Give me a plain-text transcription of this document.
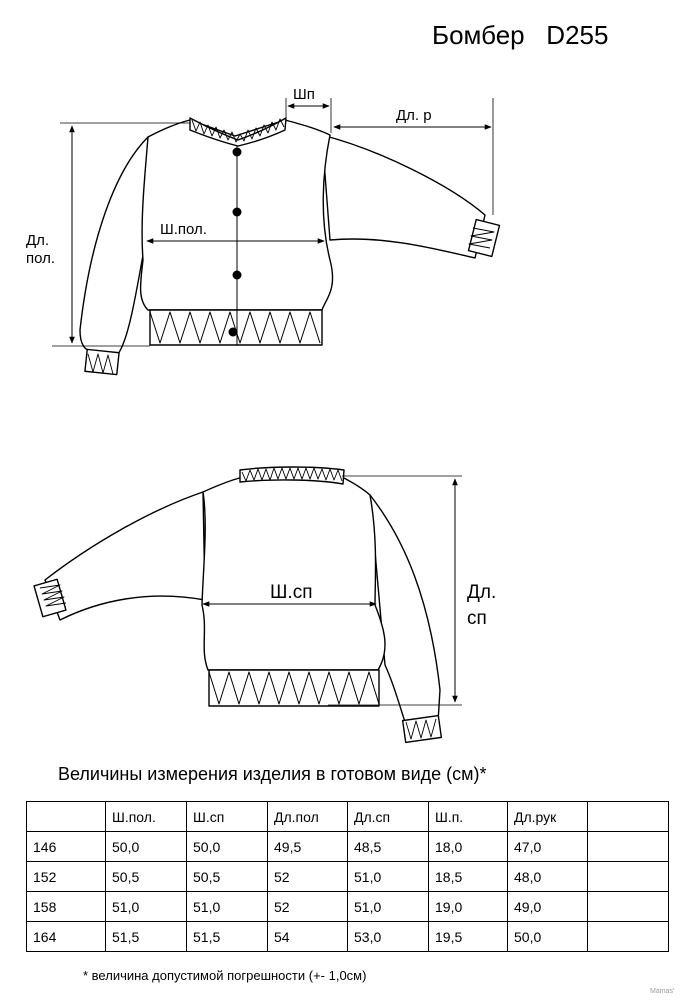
Бомбер   D255
Шп
Дл. р
Дл.
пол.
Ш.пол.
Ш.сп	Дл.
сп
Величины измерения изделия в готовом виде (см)*
	Ш.пол.	Ш.сп	Дл.пол	Дл.сп	Ш.п.	Дл.рук	
146	50,0	50,0	49,5	48,5	18,0	47,0	
152	50,5	50,5	52	51,0	18,5	48,0	
158	51,0	51,0	52	51,0	19,0	49,0	
164	51,5	51,5	54	53,0	19,5	50,0	
* величина допустимой погрешности (+- 1,0см)
Mamas'
